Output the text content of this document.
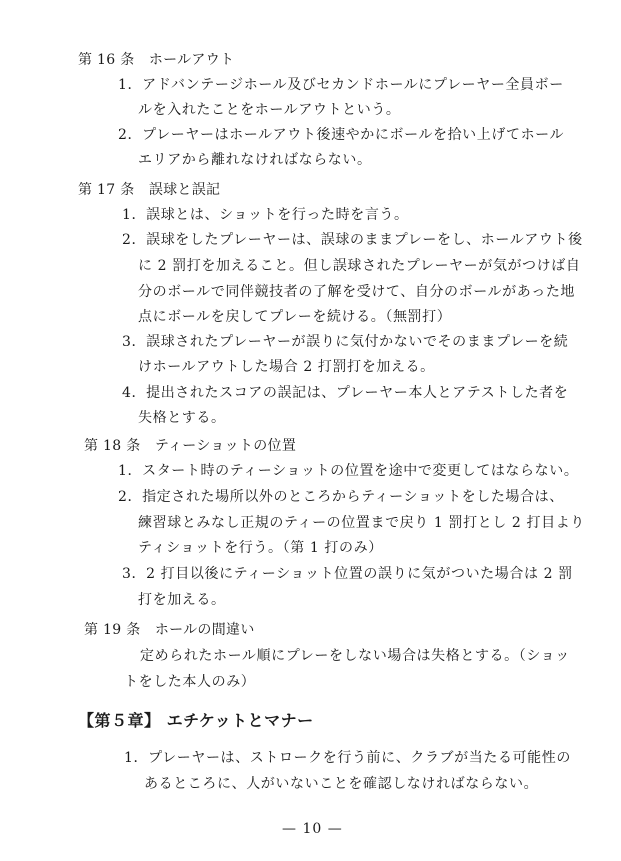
第 16 条　ホールアウト
1．アドバンテージホール及びセカンドホールにプレーヤー全員ボー
ルを入れたことをホールアウトという。
2．プレーヤーはホールアウト後速やかにボールを拾い上げてホール
エリアから離れなければならない。
第 17 条　誤球と誤記
1．誤球とは、ショットを行った時を言う。
2．誤球をしたプレーヤーは、誤球のままプレーをし、ホールアウト後
に 2 罰打を加えること。但し誤球されたプレーヤーが気がつけば自
分のボールで同伴競技者の了解を受けて、自分のボールがあった地
点にボールを戻してプレーを続ける。（無罰打）
3．誤球されたプレーヤーが誤りに気付かないでそのままプレーを続
けホールアウトした場合 2 打罰打を加える。
4．提出されたスコアの誤記は、プレーヤー本人とアテストした者を
失格とする。
第 18 条　ティーショットの位置
1．スタート時のティーショットの位置を途中で変更してはならない。
2．指定された場所以外のところからティーショットをした場合は、
練習球とみなし正規のティーの位置まで戻り 1 罰打とし 2 打目より
ティショットを行う。（第 1 打のみ）
3．2 打目以後にティーショット位置の誤りに気がついた場合は 2 罰
打を加える。
第 19 条　ホールの間違い
定められたホール順にプレーをしない場合は失格とする。（ショッ
トをした本人のみ）
【第５章】 エチケットとマナー
1．プレーヤーは、ストロークを行う前に、クラブが当たる可能性の
あるところに、人がいないことを確認しなければならない。
— 10 —
